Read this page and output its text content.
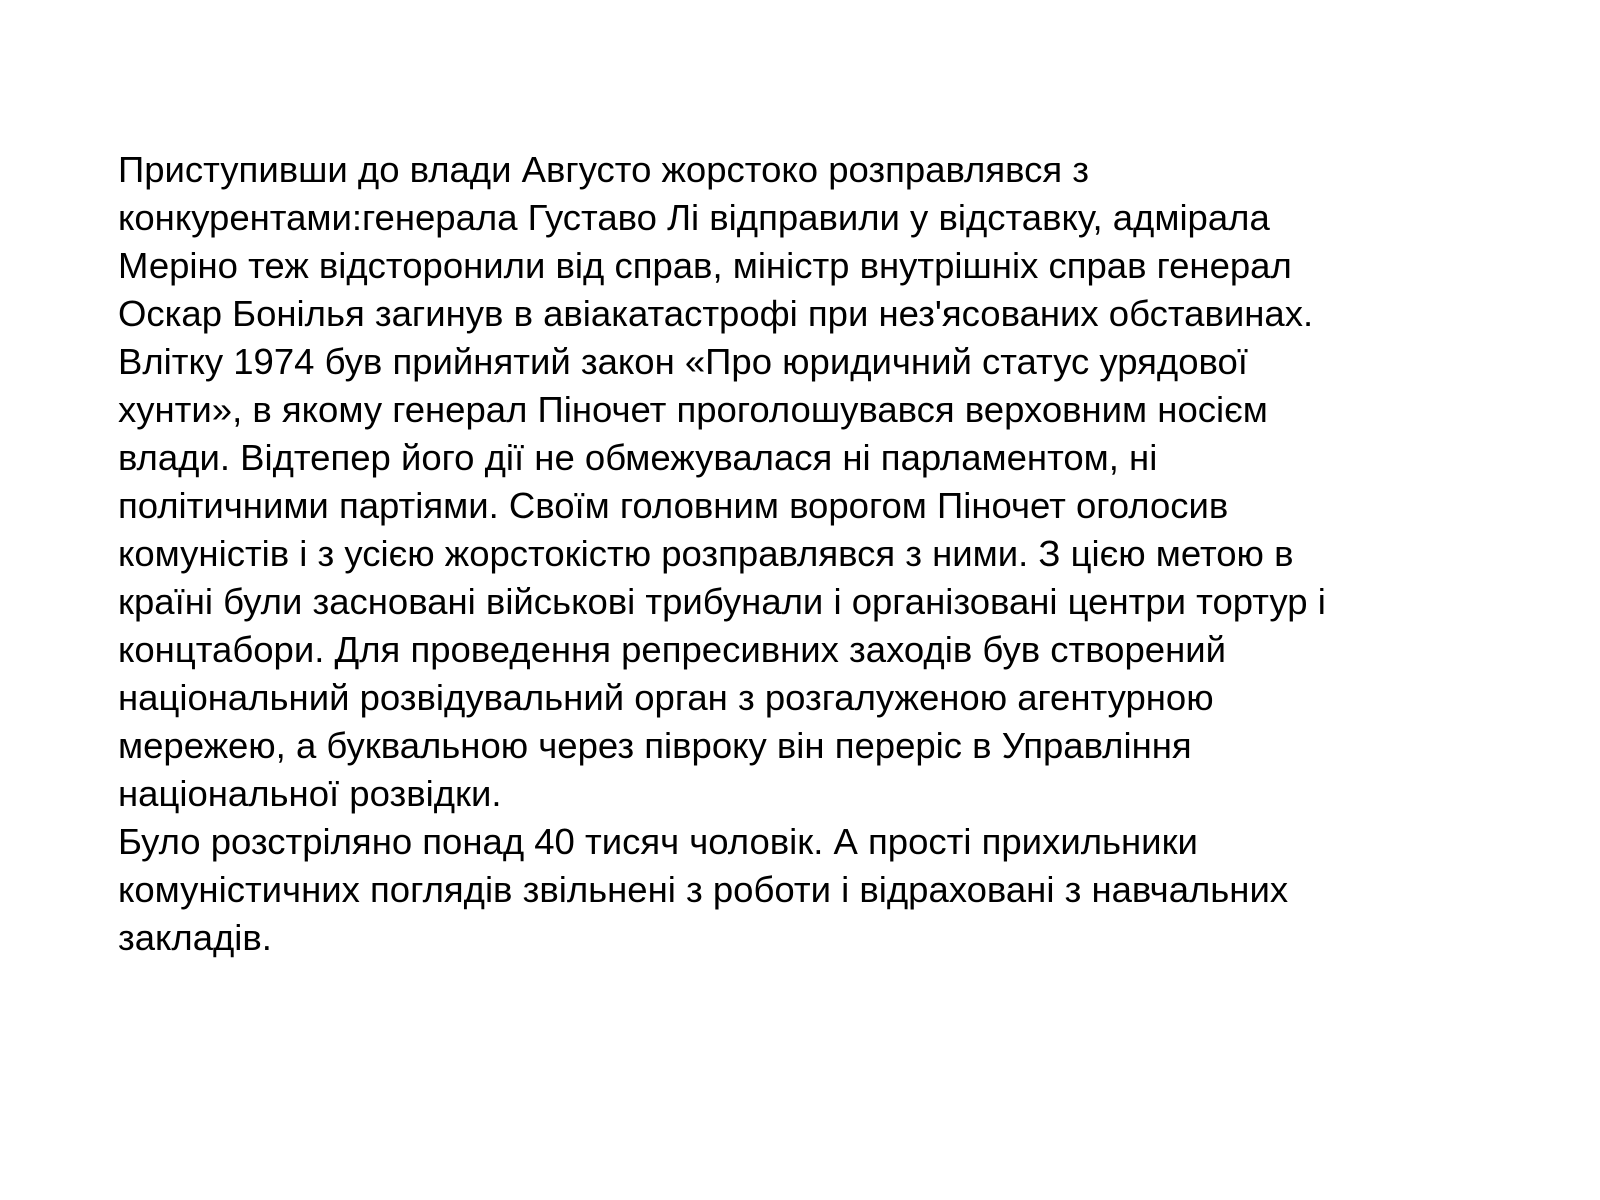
Приступивши до влади Августо жорстоко розправлявся з
конкурентами:генерала Густаво Лі відправили у відставку, адмірала
Меріно теж відсторонили від справ, міністр внутрішніх справ генерал
Оскар Бонілья загинув в авіакатастрофі при нез'ясованих обставинах.
Влітку 1974 був прийнятий закон «Про юридичний статус урядової
хунти», в якому генерал Піночет проголошувався верховним носієм
влади. Відтепер його дії не обмежувалася ні парламентом, ні
політичними партіями. Своїм головним ворогом Піночет оголосив
комуністів і з усією жорстокістю розправлявся з ними. З цією метою в
країні були засновані військові трибунали і організовані центри тортур і
концтабори. Для проведення репресивних заходів був створений
національний розвідувальний орган з розгалуженою агентурною
мережею, а буквальною через півроку він переріс в Управління
національної розвідки.
Було розстріляно понад 40 тисяч чоловік. А прості прихильники
комуністичних поглядів звільнені з роботи і відраховані з навчальних
закладів.
